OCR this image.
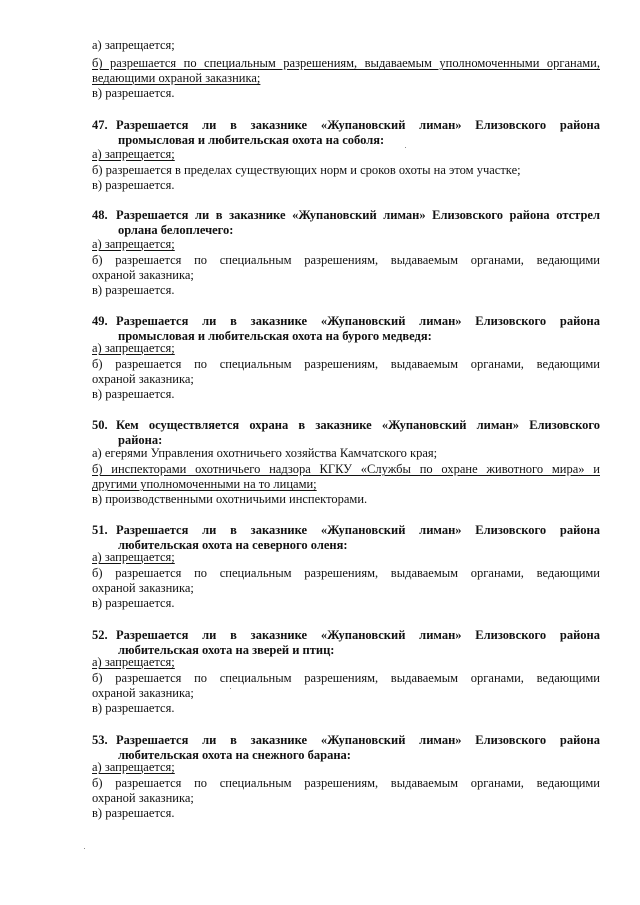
а) запрещается;
б) разрешается по специальным разрешениям, выдаваемым уполномоченными органами,
ведающими охраной заказника;
в) разрешается.
47. Разрешается ли в заказнике «Жупановский лиман» Елизовского района
промысловая и любительская охота на соболя:
а) запрещается;
б) разрешается в пределах существующих норм и сроков охоты на этом участке;
в) разрешается.
48. Разрешается ли в заказнике «Жупановский лиман» Елизовского района отстрел
орлана белоплечего:
а) запрещается;
б) разрешается по специальным разрешениям, выдаваемым органами, ведающими
охраной заказника;
в) разрешается.
49. Разрешается ли в заказнике «Жупановский лиман» Елизовского района
промысловая и любительская охота на бурого медведя:
а) запрещается;
б) разрешается по специальным разрешениям, выдаваемым органами, ведающими
охраной заказника;
в) разрешается.
50. Кем осуществляется охрана в заказнике «Жупановский лиман» Елизовского
района:
а) егерями Управления охотничьего хозяйства Камчатского края;
б) инспекторами охотничьего надзора КГКУ «Службы по охране животного мира» и
другими уполномоченными на то лицами;
в) производственными охотничьими инспекторами.
51. Разрешается ли в заказнике «Жупановский лиман» Елизовского района
любительская охота на северного оленя:
а) запрещается;
б) разрешается по специальным разрешениям, выдаваемым органами, ведающими
охраной заказника;
в) разрешается.
52. Разрешается ли в заказнике «Жупановский лиман» Елизовского района
любительская охота на зверей и птиц:
а) запрещается;
б) разрешается по специальным разрешениям, выдаваемым органами, ведающими
охраной заказника;
в) разрешается.
53. Разрешается ли в заказнике «Жупановский лиман» Елизовского района
любительская охота на снежного барана:
а) запрещается;
б) разрешается по специальным разрешениям, выдаваемым органами, ведающими
охраной заказника;
в) разрешается.
